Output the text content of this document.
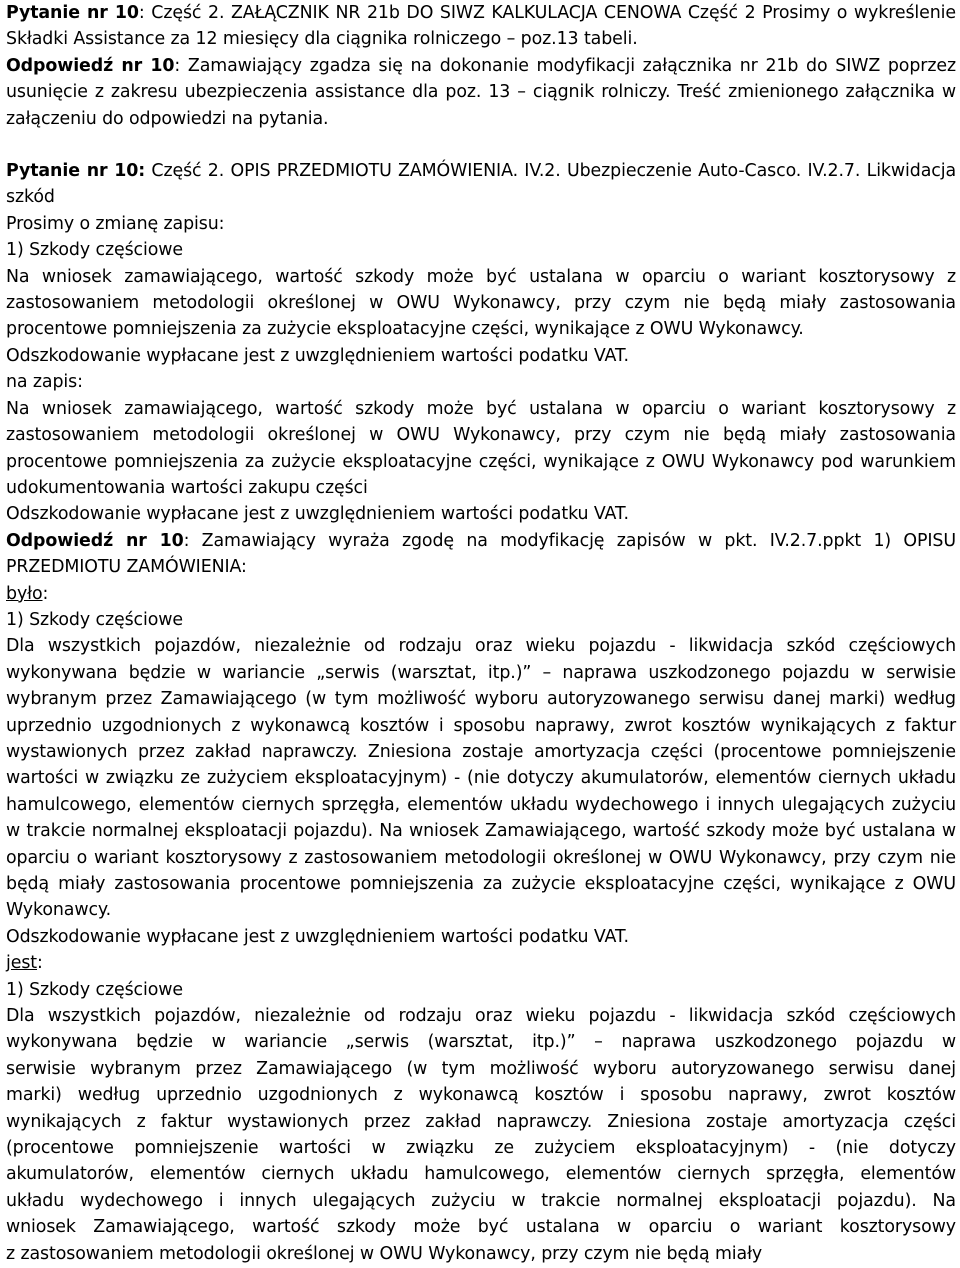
Pytanie nr 10: Część 2. ZAŁĄCZNIK NR 21b DO SIWZ KALKULACJA CENOWA Część 2 Prosimy o wykreślenie Składki Assistance za 12 miesięcy dla ciągnika rolniczego – poz.13 tabeli.

Odpowiedź nr 10: Zamawiający zgadza się na dokonanie modyfikacji załącznika nr 21b do SIWZ poprzez usunięcie z zakresu ubezpieczenia assistance dla poz. 13 – ciągnik rolniczy. Treść zmienionego załącznika w załączeniu do odpowiedzi na pytania.

Pytanie nr 10: Część 2. OPIS PRZEDMIOTU ZAMÓWIENIA. IV.2. Ubezpieczenie Auto-Casco. IV.2.7. Likwidacja szkód

Prosimy o zmianę zapisu:

1) Szkody częściowe

Na wniosek zamawiającego, wartość szkody może być ustalana w oparciu o wariant kosztorysowy z zastosowaniem metodologii określonej w OWU Wykonawcy, przy czym nie będą miały zastosowania procentowe pomniejszenia za zużycie eksploatacyjne części, wynikające z OWU Wykonawcy.

Odszkodowanie wypłacane jest z uwzględnieniem wartości podatku VAT.

na zapis:

Na wniosek zamawiającego, wartość szkody może być ustalana w oparciu o wariant kosztorysowy z zastosowaniem metodologii określonej w OWU Wykonawcy, przy czym nie będą miały zastosowania procentowe pomniejszenia za zużycie eksploatacyjne części, wynikające z OWU Wykonawcy pod warunkiem udokumentowania wartości zakupu części

Odszkodowanie wypłacane jest z uwzględnieniem wartości podatku VAT.

Odpowiedź nr 10: Zamawiający wyraża zgodę na modyfikację zapisów w pkt. IV.2.7.ppkt 1) OPISU PRZEDMIOTU ZAMÓWIENIA:

było:

1) Szkody częściowe

Dla wszystkich pojazdów, niezależnie od rodzaju oraz wieku pojazdu - likwidacja szkód częściowych wykonywana będzie w wariancie „serwis (warsztat, itp.)” – naprawa uszkodzonego pojazdu w serwisie wybranym przez Zamawiającego (w tym możliwość wyboru autoryzowanego serwisu danej marki) według uprzednio uzgodnionych z wykonawcą kosztów i sposobu naprawy, zwrot kosztów wynikających z faktur wystawionych przez zakład naprawczy. Zniesiona zostaje amortyzacja części (procentowe pomniejszenie wartości w związku ze zużyciem eksploatacyjnym) - (nie dotyczy akumulatorów, elementów ciernych układu hamulcowego, elementów ciernych sprzęgła, elementów układu wydechowego i innych ulegających zużyciu w trakcie normalnej eksploatacji pojazdu). Na wniosek Zamawiającego, wartość szkody może być ustalana w oparciu o wariant kosztorysowy z zastosowaniem metodologii określonej w OWU Wykonawcy, przy czym nie będą miały zastosowania procentowe pomniejszenia za zużycie eksploatacyjne części, wynikające z OWU Wykonawcy.

Odszkodowanie wypłacane jest z uwzględnieniem wartości podatku VAT.

jest:

1) Szkody częściowe

Dla wszystkich pojazdów, niezależnie od rodzaju oraz wieku pojazdu - likwidacja szkód częściowych

wykonywana będzie w wariancie „serwis (warsztat, itp.)” – naprawa uszkodzonego pojazdu w

serwisie wybranym przez Zamawiającego (w tym możliwość wyboru autoryzowanego serwisu danej

marki) według uprzednio uzgodnionych z wykonawcą kosztów i sposobu naprawy, zwrot kosztów

wynikających z faktur wystawionych przez zakład naprawczy. Zniesiona zostaje amortyzacja części

(procentowe pomniejszenie wartości w związku ze zużyciem eksploatacyjnym) - (nie dotyczy

akumulatorów, elementów ciernych układu hamulcowego, elementów ciernych sprzęgła, elementów

układu wydechowego i innych ulegających zużyciu w trakcie normalnej eksploatacji pojazdu). Na

wniosek Zamawiającego, wartość szkody może być ustalana w oparciu o wariant kosztorysowy

z zastosowaniem metodologii określonej w OWU Wykonawcy, przy czym nie będą miały
